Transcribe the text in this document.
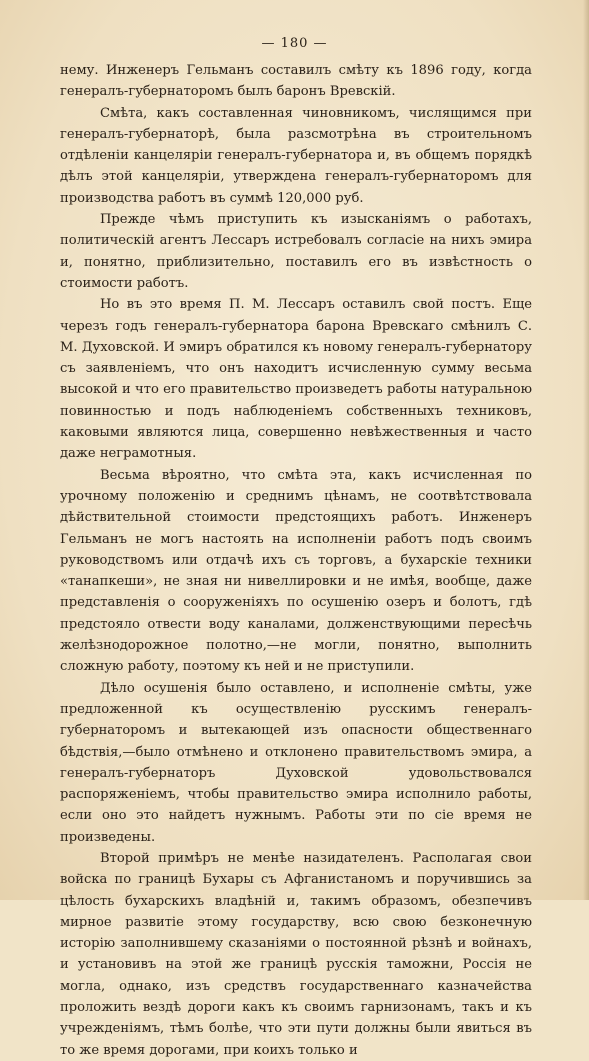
— 180 —

нему. Инженеръ Гельманъ составилъ смѣту къ 1896 году, когда генералъ-губернаторомъ былъ баронъ Вревскій.

Смѣта, какъ составленная чиновникомъ, числящимся при генералъ-губернаторѣ, была разсмотрѣна въ строительномъ отдѣленіи канцеляріи генералъ-губернатора и, въ общемъ порядкѣ дѣлъ этой канцеляріи, утверждена генералъ-губернаторомъ для производства работъ въ суммѣ 120,000 руб.

Прежде чѣмъ приступить къ изысканіямъ о работахъ, политическій агентъ Лессаръ истребовалъ согласіе на нихъ эмира и, понятно, приблизительно, поставилъ его въ извѣстность о стоимости работъ.

Но въ это время П. М. Лессаръ оставилъ свой постъ. Еще черезъ годъ генералъ-губернатора барона Вревскаго смѣнилъ С. М. Духовской. И эмиръ обратился къ новому генералъ-губернатору съ заявленіемъ, что онъ находитъ исчисленную сумму весьма высокой и что его правительство произведетъ работы натуральною повинностью и подъ наблюденіемъ собственныхъ техниковъ, каковыми являются лица, совершенно невѣжественныя и часто даже неграмотныя.

Весьма вѣроятно, что смѣта эта, какъ исчисленная по урочному положенію и среднимъ цѣнамъ, не соотвѣтствовала дѣйствительной стоимости предстоящихъ работъ. Инженеръ Гельманъ не могъ настоять на исполненіи работъ подъ своимъ руководствомъ или отдачѣ ихъ съ торговъ, а бухарскіе техники «танапкеши», не зная ни нивеллировки и не имѣя, вообще, даже представленія о сооруженіяхъ по осушенію озеръ и болотъ, гдѣ предстояло отвести воду каналами, долженствующими пересѣчь желѣзнодорожное полотно,—не могли, понятно, выполнить сложную работу, поэтому къ ней и не приступили.

Дѣло осушенія было оставлено, и исполненіе смѣты, уже предложенной къ осуществленію русскимъ генералъ-губернаторомъ и вытекающей изъ опасности общественнаго бѣдствія,—было отмѣнено и отклонено правительствомъ эмира, а генералъ-губернаторъ Духовской удовольствовался распоряженіемъ, чтобы правительство эмира исполнило работы, если оно это найдетъ нужнымъ. Работы эти по сіе время не произведены.

Второй примѣръ не менѣе назидателенъ. Располагая свои войска по границѣ Бухары съ Афганистаномъ и поручившись за цѣлость бухарскихъ владѣній и, такимъ образомъ, обезпечивъ мирное развитіе этому государству, всю свою безконечную исторію заполнившему сказаніями о постоянной рѣзнѣ и войнахъ, и установивъ на этой же границѣ русскія таможни, Россія не могла, однако, изъ средствъ государственнаго казначейства проложить вездѣ дороги какъ къ своимъ гарнизонамъ, такъ и къ учрежденіямъ, тѣмъ болѣе, что эти пути должны были явиться въ то же время дорогами, при коихъ только и
